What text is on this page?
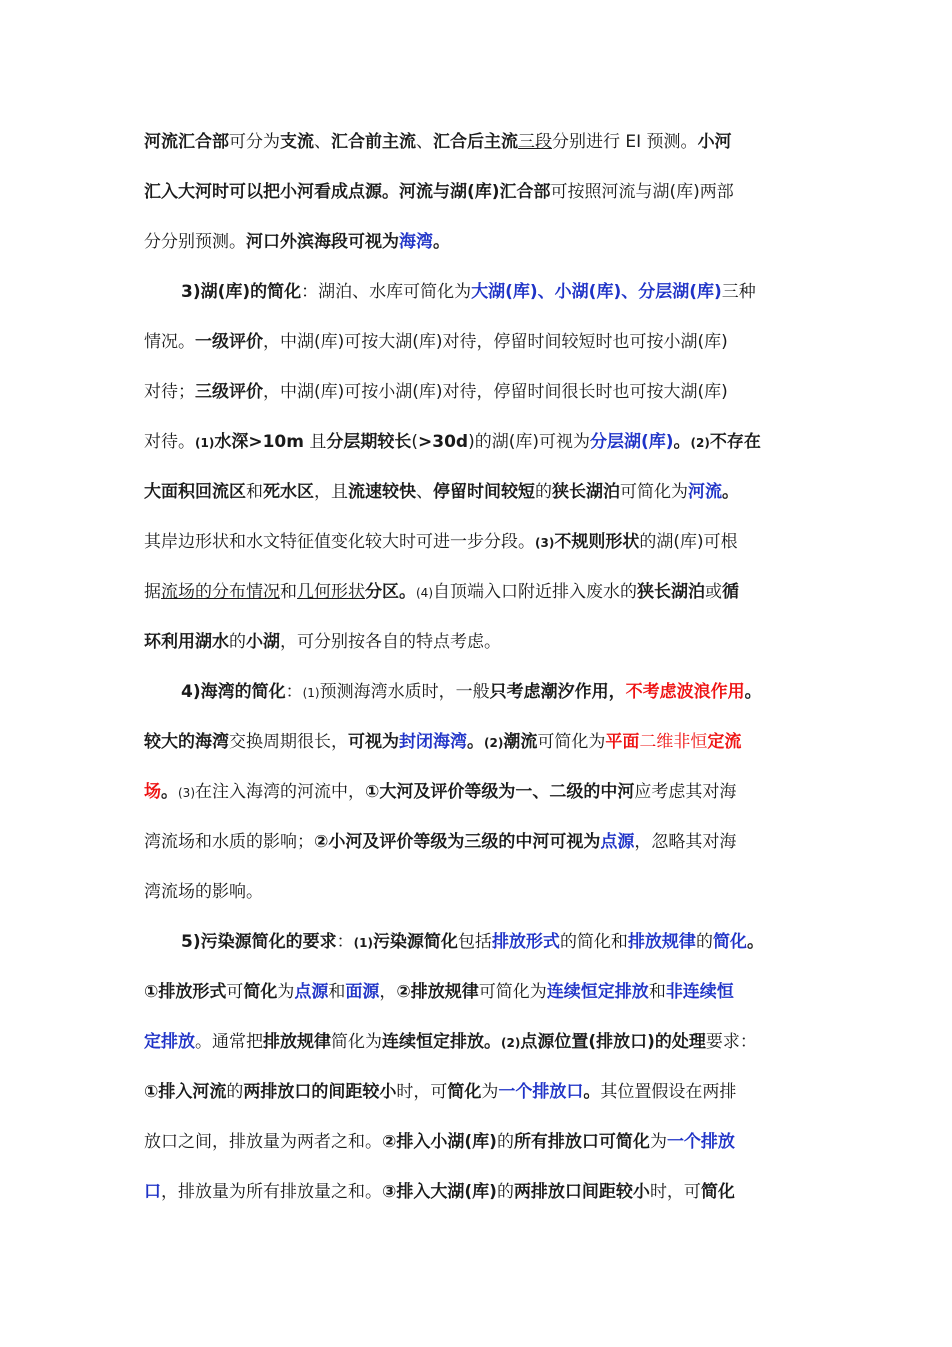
河流汇合部可分为支流、汇合前主流、汇合后主流三段分别进行 EI 预测。小河
汇入大河时可以把小河看成点源。河流与湖(库)汇合部可按照河流与湖(库)两部
分分别预测。河口外滨海段可视为海湾。
3)湖(库)的简化：湖泊、水库可简化为大湖(库)、小湖(库)、分层湖(库)三种
情况。一级评价，中湖(库)可按大湖(库)对待，停留时间较短时也可按小湖(库)
对待；三级评价，中湖(库)可按小湖(库)对待，停留时间很长时也可按大湖(库)
对待。(1)水深>10m 且分层期较长(>30d)的湖(库)可视为分层湖(库)。(2)不存在
大面积回流区和死水区，且流速较快、停留时间较短的狭长湖泊可简化为河流。
其岸边形状和水文特征值变化较大时可进一步分段。(3)不规则形状的湖(库)可根
据流场的分布情况和几何形状分区。(4)自顶端入口附近排入废水的狭长湖泊或循
环利用湖水的小湖，可分别按各自的特点考虑。
4)海湾的简化：(1)预测海湾水质时，一般只考虑潮汐作用，不考虑波浪作用。
较大的海湾交换周期很长，可视为封闭海湾。(2)潮流可简化为平面二维非恒定流
场。(3)在注入海湾的河流中，①大河及评价等级为一、二级的中河应考虑其对海
湾流场和水质的影响；②小河及评价等级为三级的中河可视为点源，忽略其对海
湾流场的影响。
5)污染源简化的要求：(1)污染源简化包括排放形式的简化和排放规律的简化。
①排放形式可简化为点源和面源，②排放规律可简化为连续恒定排放和非连续恒
定排放。通常把排放规律简化为连续恒定排放。(2)点源位置(排放口)的处理要求：
①排入河流的两排放口的间距较小时，可简化为一个排放口。其位置假设在两排
放口之间，排放量为两者之和。②排入小湖(库)的所有排放口可简化为一个排放
口，排放量为所有排放量之和。③排入大湖(库)的两排放口间距较小时，可简化
